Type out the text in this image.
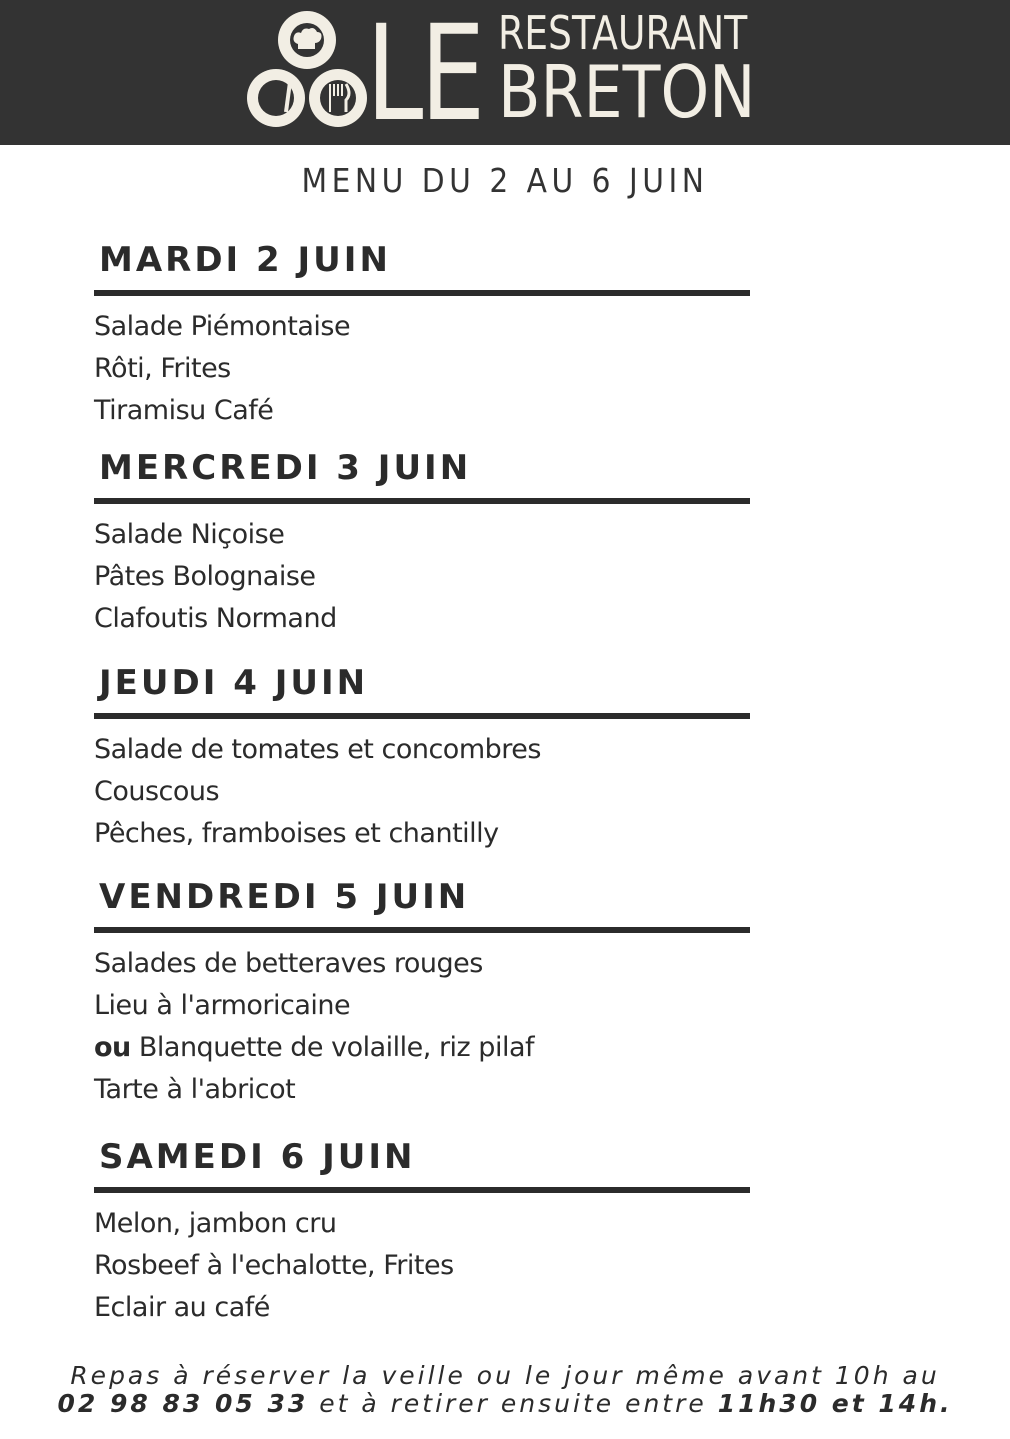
LE RESTAURANT
BRETON
MENU DU 2 AU 6 JUIN
MARDI 2 JUIN
Salade Piémontaise
Rôti, Frites
Tiramisu Café
MERCREDI 3 JUIN
Salade Niçoise
Pâtes Bolognaise
Clafoutis Normand
JEUDI 4 JUIN
Salade de tomates et concombres
Couscous
Pêches, framboises et chantilly
VENDREDI 5 JUIN
Salades de betteraves rouges
Lieu à l'armoricaine
ou Blanquette de volaille, riz pilaf
Tarte à l'abricot
SAMEDI 6 JUIN
Melon, jambon cru
Rosbeef à l'echalotte, Frites
Eclair au café
Repas à réserver la veille ou le jour même avant 10h au
02 98 83 05 33 et à retirer ensuite entre 11h30 et 14h.
